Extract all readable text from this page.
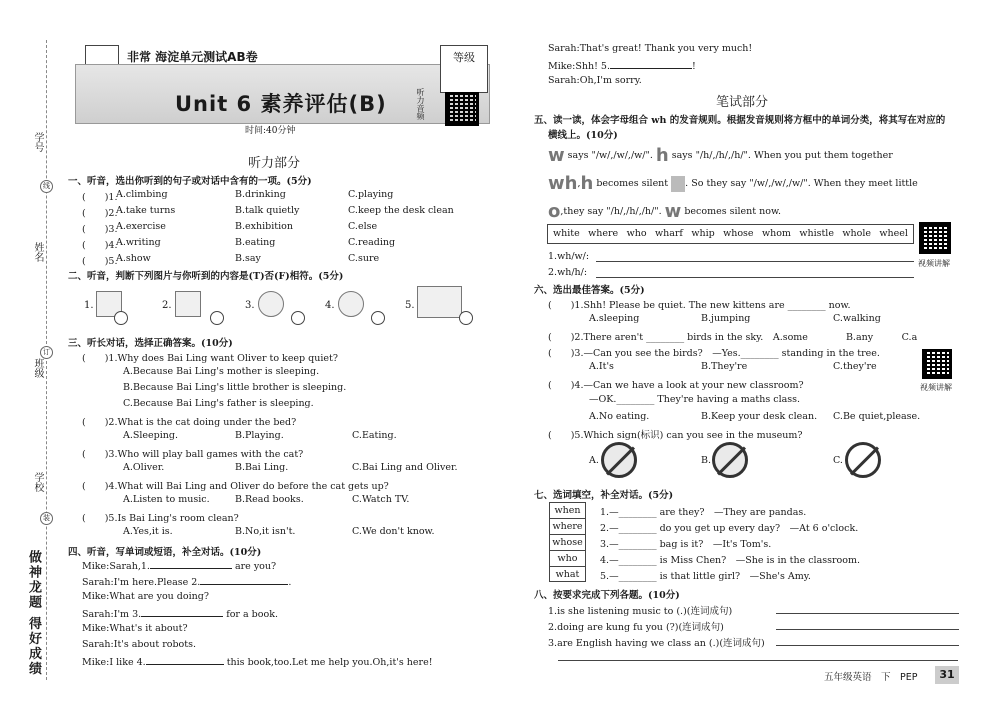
学号
线
姓名
订
班级
学校
装
做神龙题 得好成绩
非常 海淀单元测试AB卷
Unit 6 素养评估(B)
时间:40分钟
等级
听力音频
听力部分
一、听音，选出你听到的句子或对话中含有的一项。(5分)
(　　)1.
A.climbing	B.drinking	C.playing
(　　)2.
A.take turns	B.talk quietly	C.keep the desk clean
(　　)3.
A.exercise	B.exhibition	C.else
(　　)4.
A.writing	B.eating	C.reading
(　　)5.
A.show	B.say	C.sure
二、听音，判断下列图片与你听到的内容是(T)否(F)相符。(5分)
1.	2.	3.	4.	5.
三、听长对话，选择正确答案。(10分)
(　　)1.Why does Bai Ling want Oliver to keep quiet?
A.Because Bai Ling's mother is sleeping.
B.Because Bai Ling's little brother is sleeping.
C.Because Bai Ling's father is sleeping.
(　　)2.What is the cat doing under the bed?
A.Sleeping.	B.Playing.	C.Eating.
(　　)3.Who will play ball games with the cat?
A.Oliver.	B.Bai Ling.	C.Bai Ling and Oliver.
(　　)4.What will Bai Ling and Oliver do before the cat gets up?
A.Listen to music.	B.Read books.	C.Watch TV.
(　　)5.Is Bai Ling's room clean?
A.Yes,it is.	B.No,it isn't.	C.We don't know.
四、听音，写单词或短语，补全对话。(10分)
Mike:Sarah,1.	are you?
Sarah:I'm here.Please 2.	.
Mike:What are you doing?
Sarah:I'm 3.	for a book.
Mike:What's it about?
Sarah:It's about robots.
Mike:I like 4.	this book,too.Let me help you.Oh,it's here!
Sarah:That's great! Thank you very much!
Mike:Shh! 5.	!
Sarah:Oh,I'm sorry.
笔试部分
五、读一读，体会字母组合 wh 的发音规则。根据发音规则将方框中的单词分类，将其写在对应的
横线上。(10分)
w says "/w/,/w/,/w/". h says "/h/,/h/,/h/". When you put them together
wh,h becomes silent . So they say "/w/,/w/,/w/". When they meet little
o,they say "/h/,/h/,/h/". w becomes silent now.
white where who wharf whip whose whom whistle whole wheel
视频讲解
1.wh/w/:
2.wh/h/:
六、选出最佳答案。(5分)
(　　)1.Shh! Please be quiet. The new kittens are ________ now.
A.sleeping	B.jumping	C.walking
(　　)2.There aren't ________ birds in the sky.　 A.some　　　　	B.any　　　	C.a
(　　)3.—Can you see the birds?　—Yes.________ standing in the tree.
A.It's	B.They're	C.they're
视频讲解
(　　)4.—Can we have a look at your new classroom?
—OK.________ They're having a maths class.
A.No eating.	B.Keep your desk clean. C.Be quiet,please.
(　　)5.Which sign(标识) can you see in the museum?
A.	B.	C.
七、选词填空，补全对话。(5分)
when
where
whose
who
what
1.—________ are they?　—They are pandas.
2.—________ do you get up every day?　—At 6 o'clock.
3.—________ bag is it?　—It's Tom's.
4.—________ is Miss Chen?　—She is in the classroom.
5.—________ is that little girl?　—She's Amy.
八、按要求完成下列各题。(10分)
1.is she listening music to (.)(连词成句)
2.doing are kung fu you (?)(连词成句)
3.are English having we class an (.)(连词成句)
五年级英语　下　PEP	31
